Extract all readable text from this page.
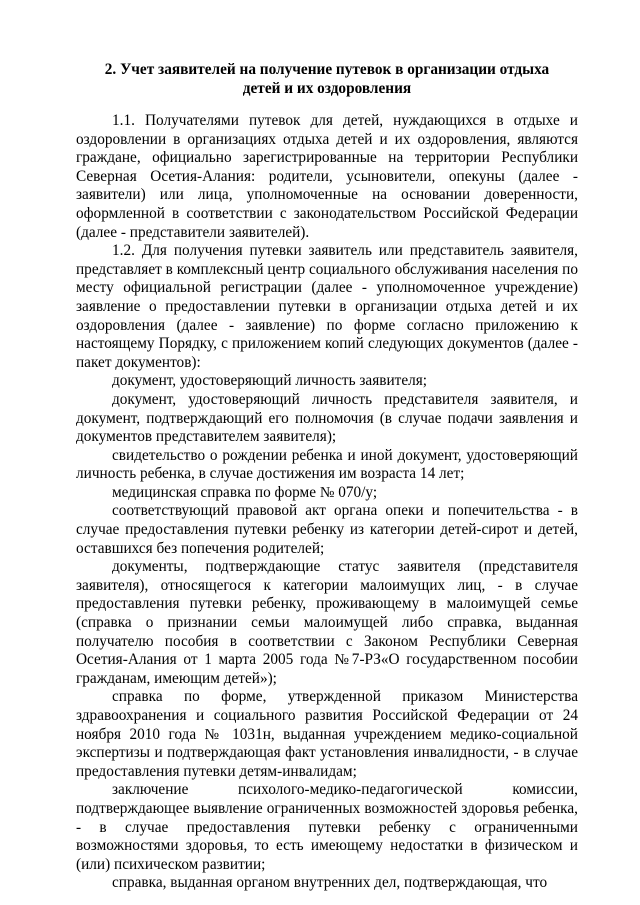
2. Учет заявителей на получение путевок в организации отдыха
детей и их оздоровления

1.1. Получателями путевок для детей, нуждающихся в отдыхе и оздоровлении в организациях отдыха детей и их оздоровления, являются граждане, официально зарегистрированные на территории Республики Северная Осетия-Алания: родители, усыновители, опекуны (далее - заявители) или лица, уполномоченные на основании доверенности, оформленной в соответствии с законодательством Российской Федерации (далее - представители заявителей).

1.2. Для получения путевки заявитель или представитель заявителя, представляет в комплексный центр социального обслуживания населения по месту официальной регистрации (далее - уполномоченное учреждение) заявление о предоставлении путевки в организации отдыха детей и их оздоровления (далее - заявление) по форме согласно приложению к настоящему Порядку, с приложением копий следующих документов (далее - пакет документов):

документ, удостоверяющий личность заявителя;

документ, удостоверяющий личность представителя заявителя, и документ, подтверждающий его полномочия (в случае подачи заявления и документов представителем заявителя);

свидетельство о рождении ребенка и иной документ, удостоверяющий личность ребенка, в случае достижения им возраста 14 лет;

медицинская справка по форме № 070/у;

соответствующий правовой акт органа опеки и попечительства - в случае предоставления путевки ребенку из категории детей-сирот и детей, оставшихся без попечения родителей;

документы, подтверждающие статус заявителя (представителя заявителя), относящегося к категории малоимущих лиц, - в случае предоставления путевки ребенку, проживающему в малоимущей семье (справка о признании семьи малоимущей либо справка, выданная получателю пособия в соответствии с Законом Республики Северная Осетия-Алания от 1 марта 2005 года №7-РЗ«О государственном пособии гражданам, имеющим детей»);

справка по форме, утвержденной приказом Министерства здравоохранения и социального развития Российской Федерации от 24 ноября 2010 года № 1031н, выданная учреждением медико-социальной экспертизы и подтверждающая факт установления инвалидности, - в случае предоставления путевки детям-инвалидам;

заключение психолого-медико-педагогической комиссии, подтверждающее выявление ограниченных возможностей здоровья ребенка, - в случае предоставления путевки ребенку с ограниченными возможностями здоровья, то есть имеющему недостатки в физическом и (или) психическом развитии;

справка, выданная органом внутренних дел, подтверждающая, что
